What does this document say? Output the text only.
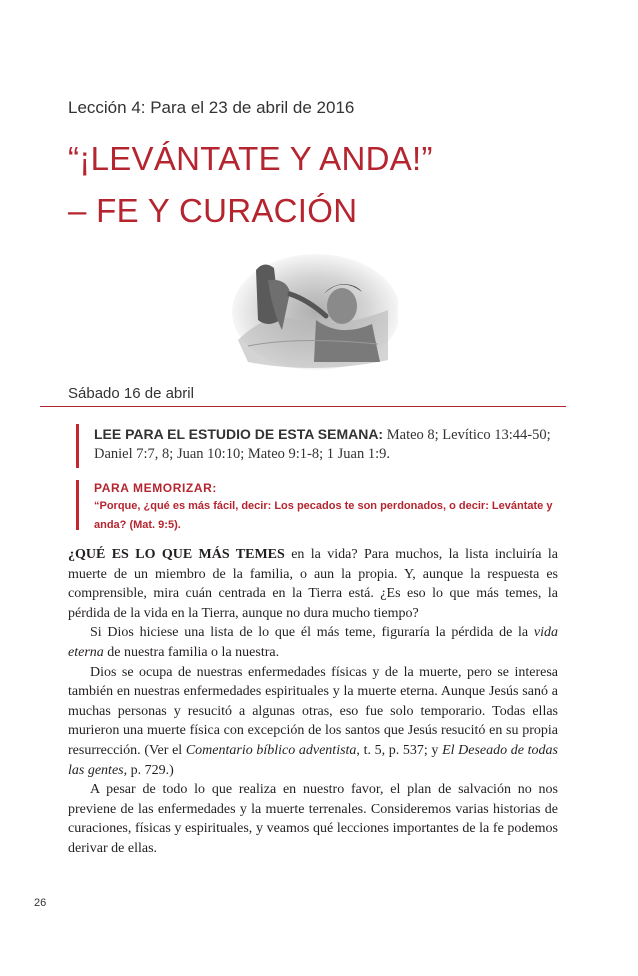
Lección 4: Para el 23 de abril de 2016
“¡LEVÁNTATE Y ANDA!”
– FE Y CURACIÓN
Sábado 16 de abril
LEE PARA EL ESTUDIO DE ESTA SEMANA: Mateo 8; Levítico 13:44-50; Daniel 7:7, 8; Juan 10:10; Mateo 9:1-8; 1 Juan 1:9.
PARA MEMORIZAR:
“Porque, ¿qué es más fácil, decir: Los pecados te son perdonados, o decir: Levántate y anda? (Mat. 9:5).

¿QUÉ ES LO QUE MÁS TEMES en la vida? Para muchos, la lista incluiría la muerte de un miembro de la familia, o aun la propia. Y, aunque la respuesta es comprensible, mira cuán centrada en la Tierra está. ¿Es eso lo que más temes, la pérdida de la vida en la Tierra, aunque no dura mucho tiempo?

Si Dios hiciese una lista de lo que él más teme, figuraría la pérdida de la vida eterna de nuestra familia o la nuestra.

Dios se ocupa de nuestras enfermedades físicas y de la muerte, pero se interesa también en nuestras enfermedades espirituales y la muerte eterna. Aunque Jesús sanó a muchas personas y resucitó a algunas otras, eso fue solo temporario. Todas ellas murieron una muerte física con excepción de los santos que Jesús resucitó en su propia resurrección. (Ver el Comentario bíblico adventista, t. 5, p. 537; y El Deseado de todas las gentes, p. 729.)

A pesar de todo lo que realiza en nuestro favor, el plan de salvación no nos previene de las enfermedades y la muerte terrenales. Consideremos varias historias de curaciones, físicas y espirituales, y veamos qué lecciones importantes de la fe podemos derivar de ellas.

26
